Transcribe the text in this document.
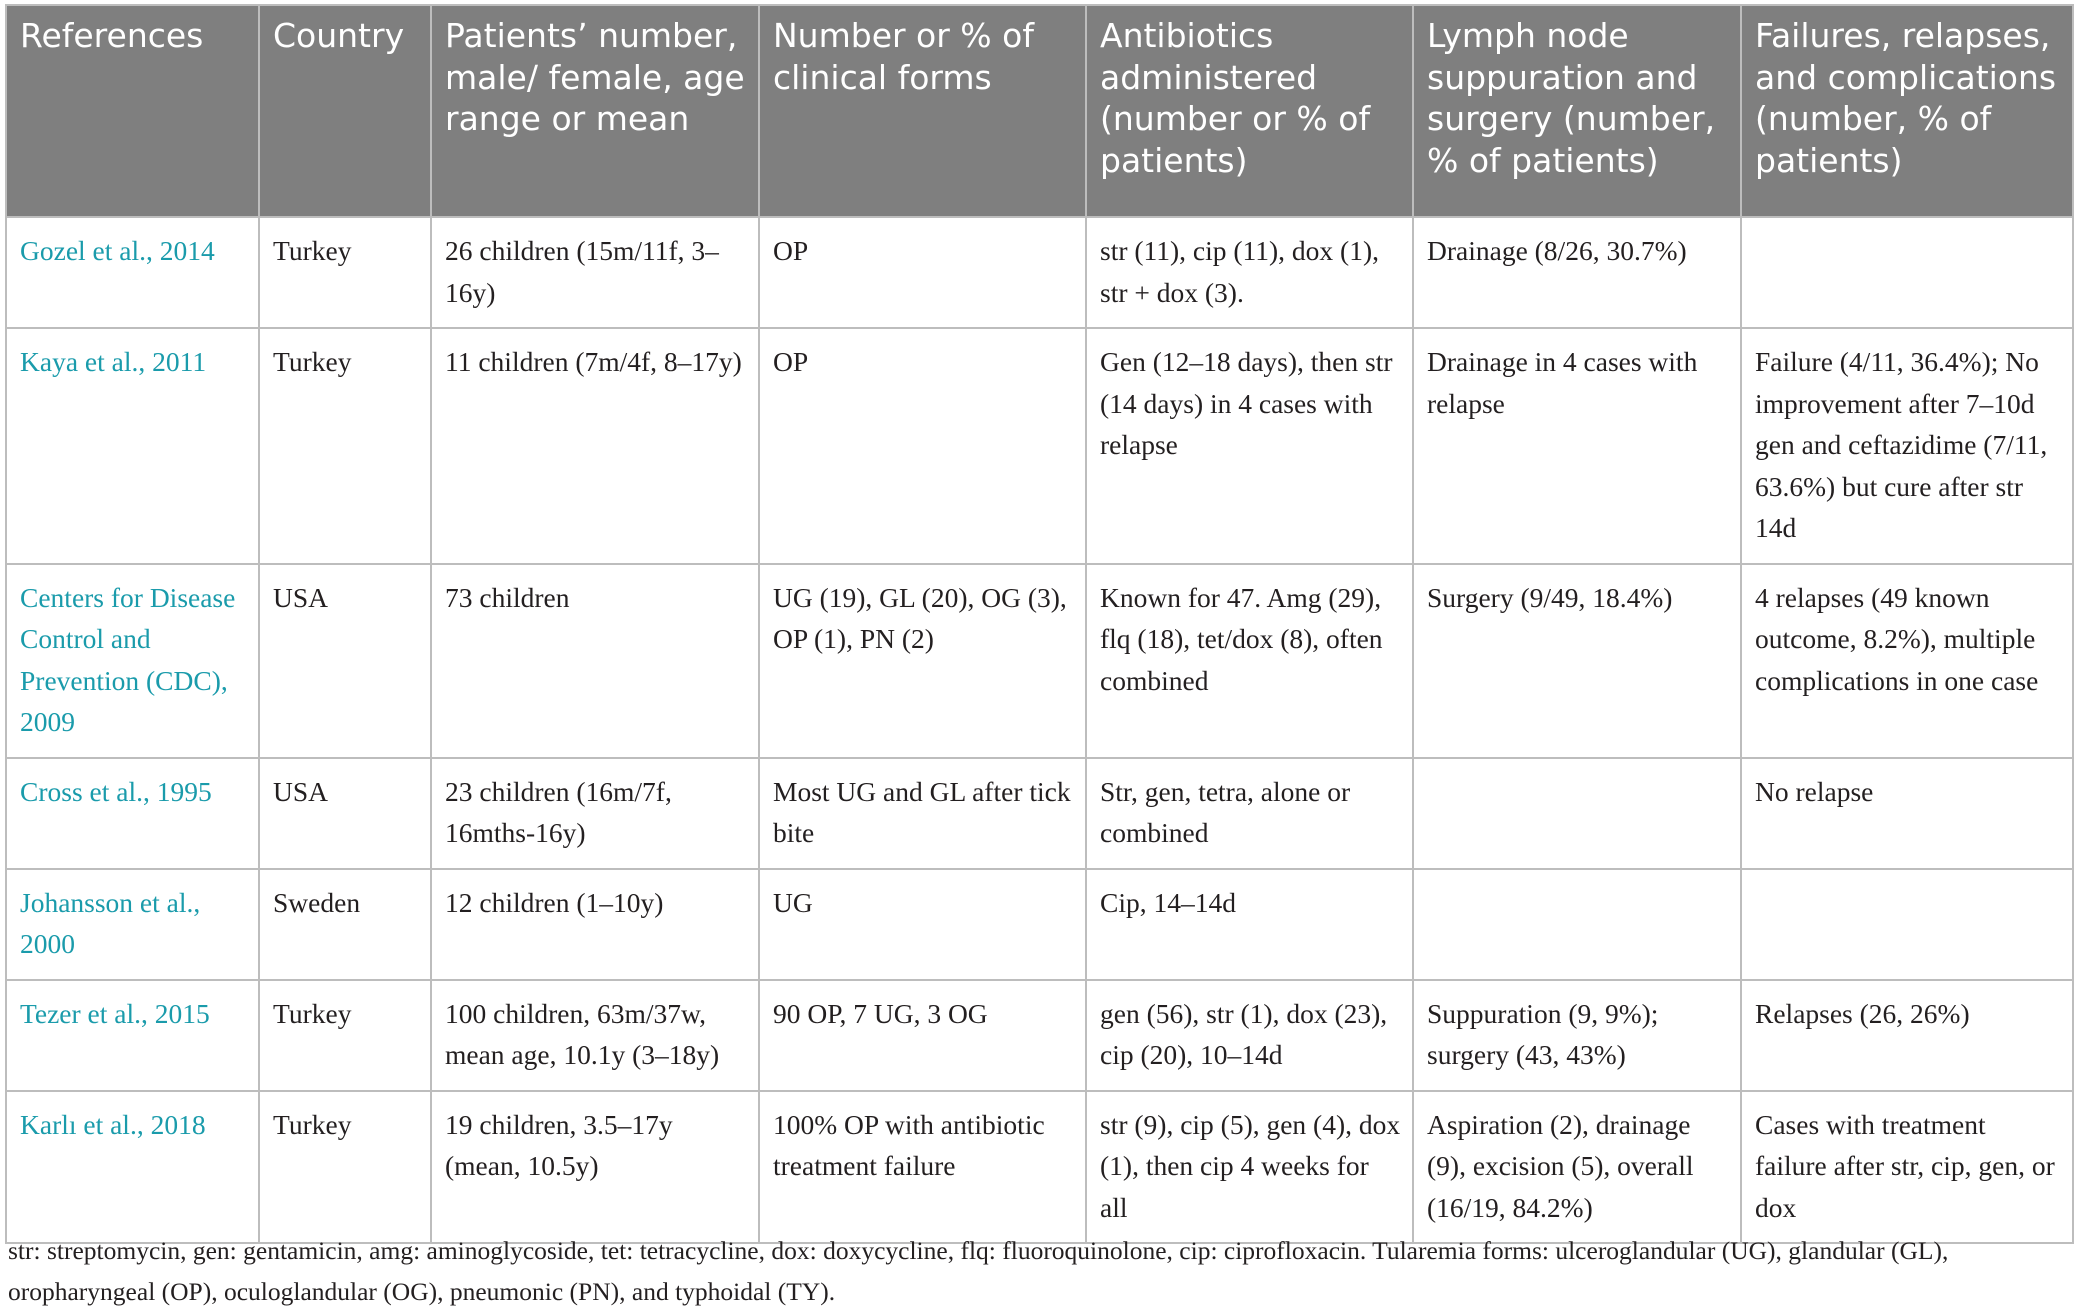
References	Country	Patients’ number, male/ female, age range or mean	Number or % of clinical forms	Antibiotics administered (number or % of patients)	Lymph node suppuration and surgery (number, % of patients)	Failures, relapses, and complications (number, % of patients)
Gozel et al., 2014	Turkey	26 children (15m/11f, 3–16y)	OP	str (11), cip (11), dox (1), str + dox (3).	Drainage (8/26, 30.7%)	
Kaya et al., 2011	Turkey	11 children (7m/4f, 8–17y)	OP	Gen (12–18 days), then str (14 days) in 4 cases with relapse	Drainage in 4 cases with relapse	Failure (4/11, 36.4%); No improvement after 7–10d gen and ceftazidime (7/11, 63.6%) but cure after str 14d
Centers for Disease Control and Prevention (CDC), 2009	USA	73 children	UG (19), GL (20), OG (3), OP (1), PN (2)	Known for 47. Amg (29), flq (18), tet/dox (8), often combined	Surgery (9/49, 18.4%)	4 relapses (49 known outcome, 8.2%), multiple complications in one case
Cross et al., 1995	USA	23 children (16m/7f, 16mths-16y)	Most UG and GL after tick bite	Str, gen, tetra, alone or combined		No relapse
Johansson et al., 2000	Sweden	12 children (1–10y)	UG	Cip, 14–14d		
Tezer et al., 2015	Turkey	100 children, 63m/37w, mean age, 10.1y (3–18y)	90 OP, 7 UG, 3 OG	gen (56), str (1), dox (23), cip (20), 10–14d	Suppuration (9, 9%); surgery (43, 43%)	Relapses (26, 26%)
Karlı et al., 2018	Turkey	19 children, 3.5–17y (mean, 10.5y)	100% OP with antibiotic treatment failure	str (9), cip (5), gen (4), dox (1), then cip 4 weeks for all	Aspiration (2), drainage (9), excision (5), overall (16/19, 84.2%)	Cases with treatment failure after str, cip, gen, or dox
str: streptomycin, gen: gentamicin, amg: aminoglycoside, tet: tetracycline, dox: doxycycline, flq: fluoroquinolone, cip: ciprofloxacin. Tularemia forms: ulceroglandular (UG), glandular (GL), oropharyngeal (OP), oculoglandular (OG), pneumonic (PN), and typhoidal (TY).
